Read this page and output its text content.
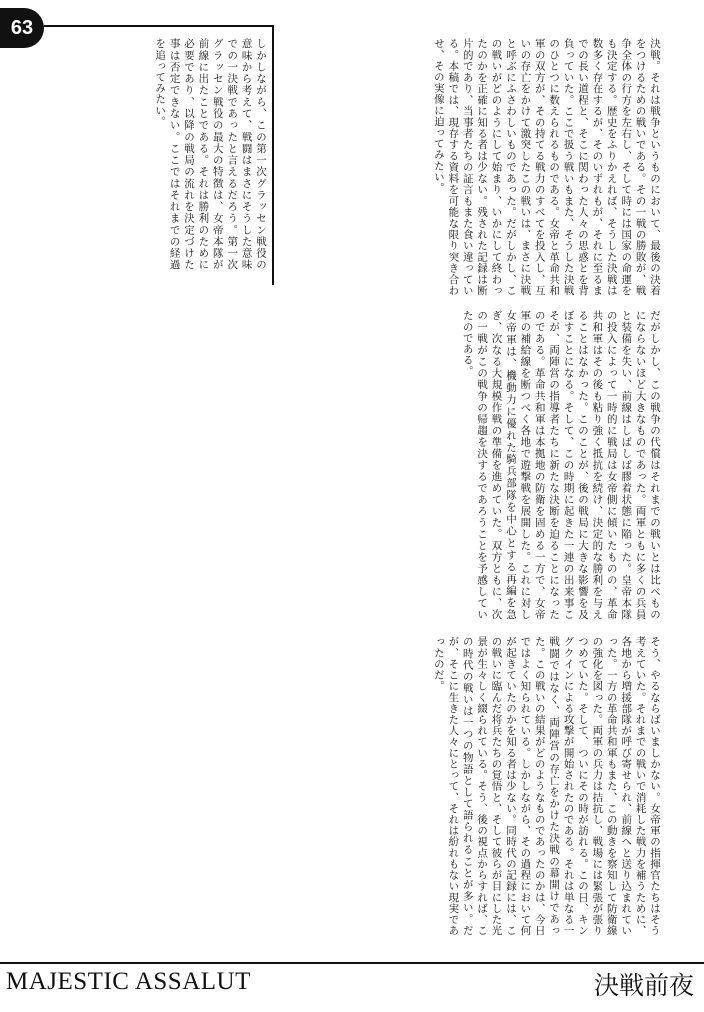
63
しかしながら、この第一次グラッセン戦役の意味から考えて、戦闘はまさにそうした意味での一決戦であったと言えるだろう。第一次グラッセン戦役の最大の特徴は、女帝本隊が前線に出たことである。それは勝利のために必要であり、以降の戦局の流れを決定づけた事は否定できない。ここではそれまでの経過を追ってみたい。	決戦。それは戦争というものにおいて、最後の決着をつけるための戦いである。その一戦の勝敗が、戦争全体の行方を左右し、そして時には国家の命運をも決定する。歴史をふりかえれば、そうした決戦は数多く存在するが、そのいずれもが、それに至るまでの長い道程と、そこに関わった人々の思惑とを背負っていた。ここで扱う戦いもまた、そうした決戦のひとつに数えられるものである。女帝と革命共和軍の双方が、その持てる戦力のすべてを投入し、互いの存亡をかけて激突したこの戦いは、まさに決戦と呼ぶにふさわしいものであった。だがしかし、この戦いがどのようにして始まり、いかにして終わったのかを正確に知る者は少ない。残された記録は断片的であり、当事者たちの証言もまた食い違っている。本稿では、現存する資料を可能な限り突き合わせ、その実像に迫ってみたい。
だがしかし、この戦争の代償はそれまでの戦いとは比べものにならないほど大きなものであった。両軍ともに多くの兵員と装備を失い、前線はしばしば膠着状態に陥った。皇帝本隊の投入によって一時的に戦局は女帝側に傾いたものの、革命共和軍はその後も粘り強く抵抗を続け、決定的な勝利を与えることはなかった。このことが、後の戦局に大きな影響を及ぼすことになる。そして、この時期に起きた一連の出来事こそが、両陣営の指導者たちに新たな決断を迫ることになったのである。革命共和軍は本拠地の防衛を固める一方で、女帝軍の補給線を断つべく各地で遊撃戦を展開した。これに対し女帝軍は、機動力に優れた騎兵部隊を中心とする再編を急ぎ、次なる大規模作戦の準備を進めていた。双方ともに、次の一戦がこの戦争の帰趨を決するであろうことを予感していたのである。
そう、やるならばいましかない。女帝軍の指揮官たちはそう考えていた。それまでの戦いで消耗した戦力を補うために、各地から増援部隊が呼び寄せられ、前線へと送り込まれていった。一方の革命共和軍もまた、この動きを察知して防衛線の強化を図った。両軍の兵力は拮抗し、戦場には緊張が張りつめていた。そして、ついにその時が訪れる。この日、キングクインによる攻撃が開始されたのである。それは単なる一戦闘ではなく、両陣営の存亡をかけた決戦の幕開けであった。この戦いの結果がどのようなものであったのかは、今日ではよく知られている。しかしながら、その過程において何が起きていたのかを知る者は少ない。同時代の記録には、この戦いに臨んだ将兵たちの覚悟と、そして彼らが目にした光景が生々しく綴られている。そう、後の視点からすれば、この時代の戦いは一つの物語として語られることが多い。だが、そこに生きた人々にとって、それは紛れもない現実であったのだ。
MAJESTIC ASSALUT	決戦前夜
